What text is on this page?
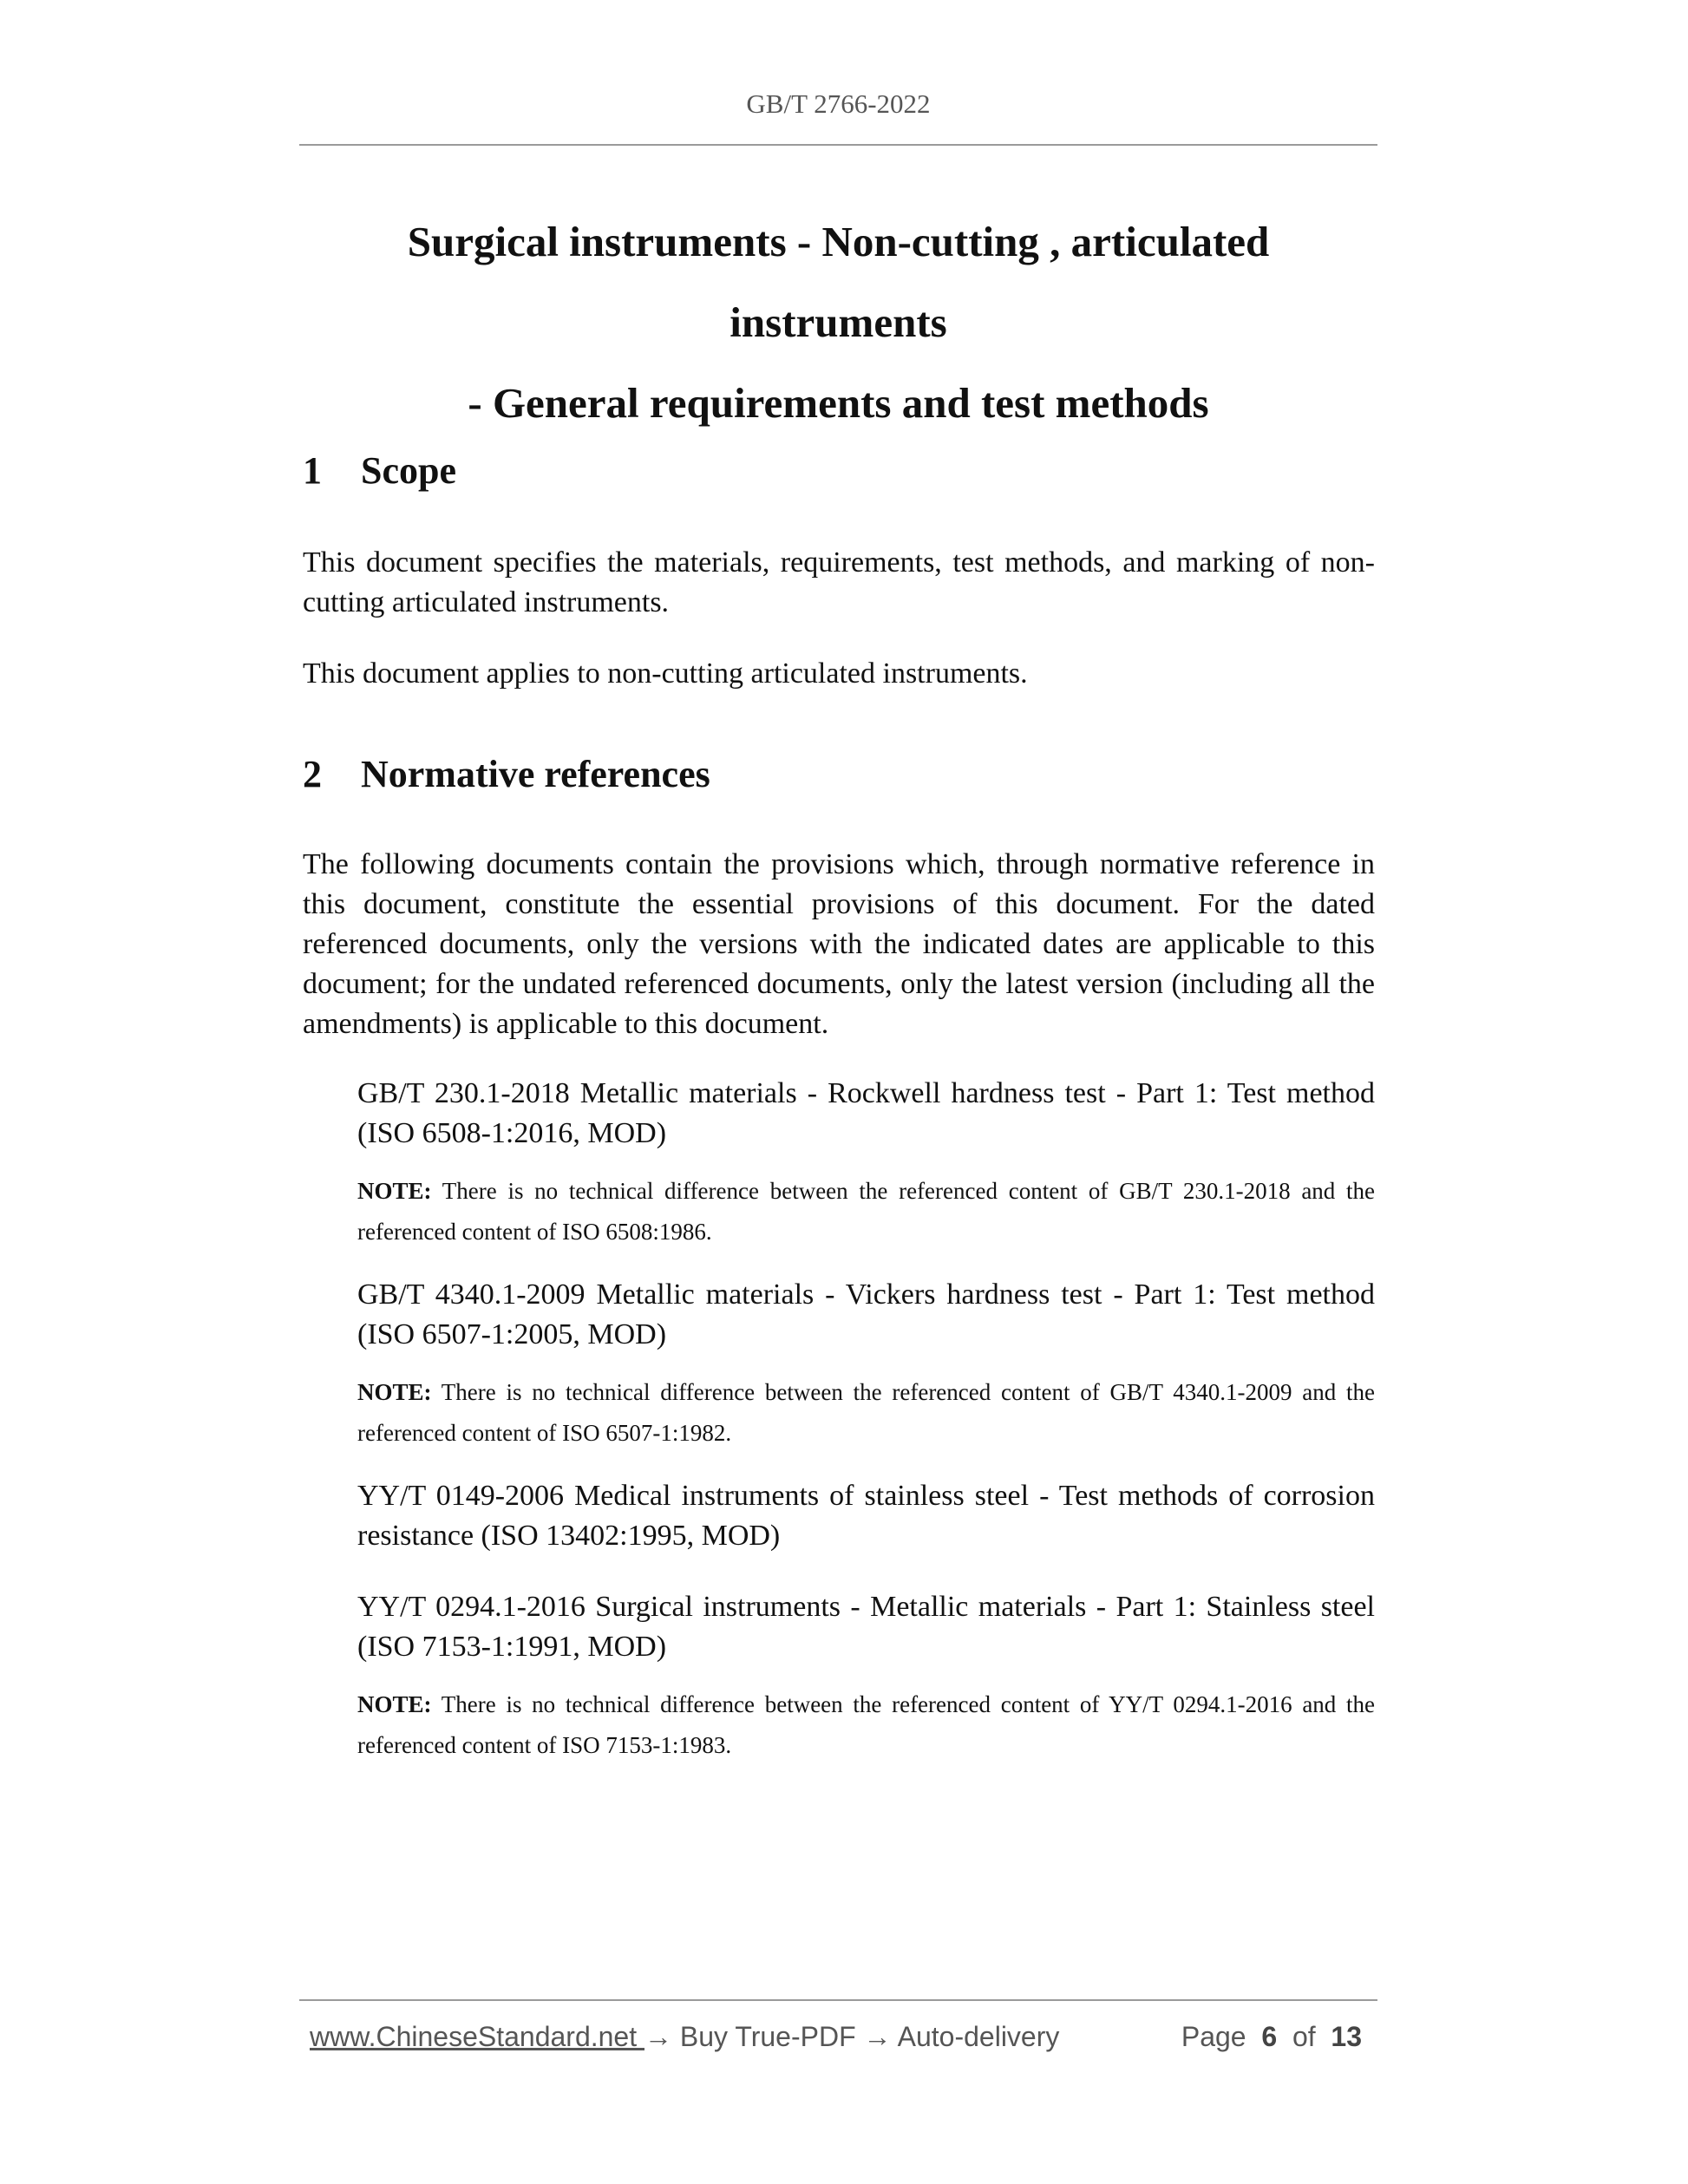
GB/T 2766-2022
Surgical instruments - Non-cutting , articulated instruments
- General requirements and test methods
1 Scope

This document specifies the materials, requirements, test methods, and marking of non-cutting articulated instruments.

This document applies to non-cutting articulated instruments.

2 Normative references

The following documents contain the provisions which, through normative reference in this document, constitute the essential provisions of this document. For the dated referenced documents, only the versions with the indicated dates are applicable to this document; for the undated referenced documents, only the latest version (including all the amendments) is applicable to this document.

GB/T 230.1-2018 Metallic materials - Rockwell hardness test - Part 1: Test method (ISO 6508-1:2016, MOD)

NOTE: There is no technical difference between the referenced content of GB/T 230.1-2018 and the referenced content of ISO 6508:1986.

GB/T 4340.1-2009 Metallic materials - Vickers hardness test - Part 1: Test method (ISO 6507-1:2005, MOD)

NOTE: There is no technical difference between the referenced content of GB/T 4340.1-2009 and the referenced content of ISO 6507-1:1982.

YY/T 0149-2006 Medical instruments of stainless steel - Test methods of corrosion resistance (ISO 13402:1995, MOD)

YY/T 0294.1-2016 Surgical instruments - Metallic materials - Part 1: Stainless steel (ISO 7153-1:1991, MOD)

NOTE: There is no technical difference between the referenced content of YY/T 0294.1-2016 and the referenced content of ISO 7153-1:1983.

www.ChineseStandard.net → Buy True-PDF → Auto-delivery	Page 6 of 13
